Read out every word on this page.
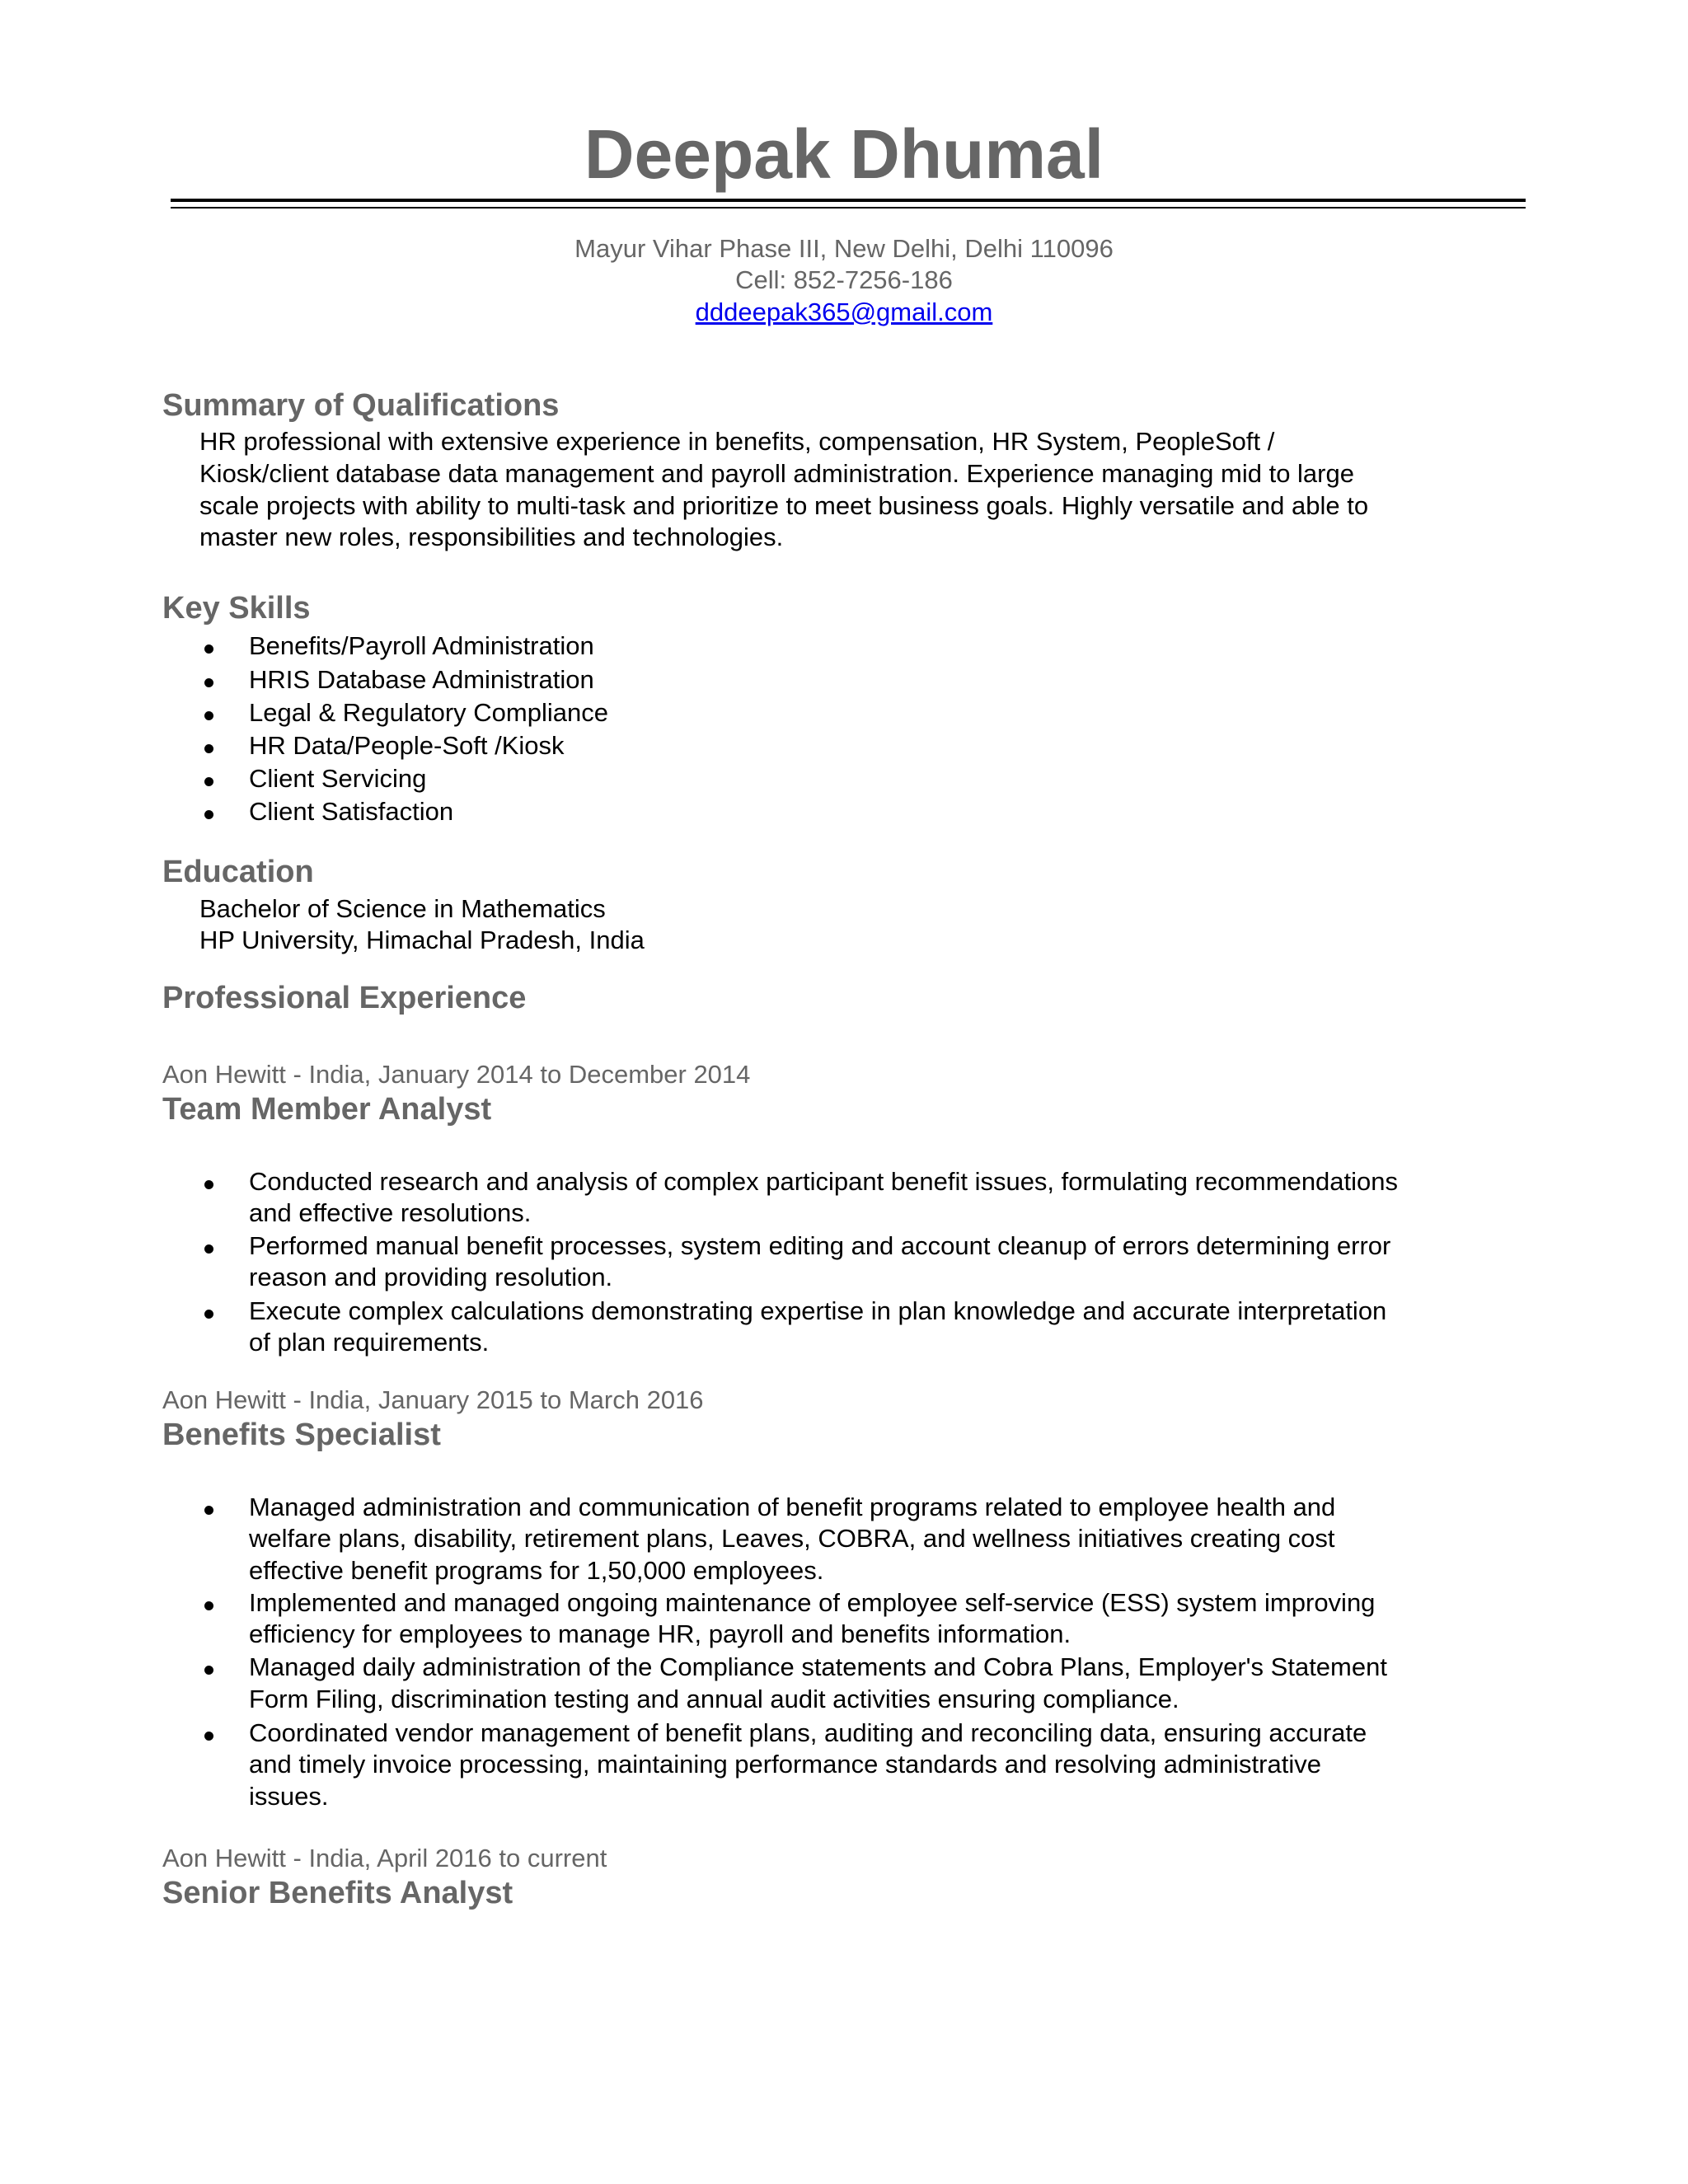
Deepak Dhumal
Mayur Vihar Phase III, New Delhi, Delhi 110096
Cell: 852-7256-186
dddeepak365@gmail.com
Summary of Qualifications
HR professional with extensive experience in benefits, compensation, HR System, PeopleSoft /
Kiosk/client database data management and payroll administration. Experience managing mid to large
scale projects with ability to multi-task and prioritize to meet business goals. Highly versatile and able to
master new roles, responsibilities and technologies.
Key Skills
Benefits/Payroll Administration
HRIS Database Administration
Legal & Regulatory Compliance
HR Data/People-Soft /Kiosk
Client Servicing
Client Satisfaction
Education
Bachelor of Science in Mathematics
HP University, Himachal Pradesh, India
Professional Experience
Aon Hewitt - India, January 2014 to December 2014
Team Member Analyst
Conducted research and analysis of complex participant benefit issues, formulating recommendations
and effective resolutions.
Performed manual benefit processes, system editing and account cleanup of errors determining error
reason and providing resolution.
Execute complex calculations demonstrating expertise in plan knowledge and accurate interpretation
of plan requirements.
Aon Hewitt - India, January 2015 to March 2016
Benefits Specialist
Managed administration and communication of benefit programs related to employee health and
welfare plans, disability, retirement plans, Leaves, COBRA, and wellness initiatives creating cost
effective benefit programs for 1,50,000 employees.
Implemented and managed ongoing maintenance of employee self-service (ESS) system improving
efficiency for employees to manage HR, payroll and benefits information.
Managed daily administration of the Compliance statements and Cobra Plans, Employer's Statement
Form Filing, discrimination testing and annual audit activities ensuring compliance.
Coordinated vendor management of benefit plans, auditing and reconciling data, ensuring accurate
and timely invoice processing, maintaining performance standards and resolving administrative
issues.
Aon Hewitt - India, April 2016 to current
Senior Benefits Analyst
